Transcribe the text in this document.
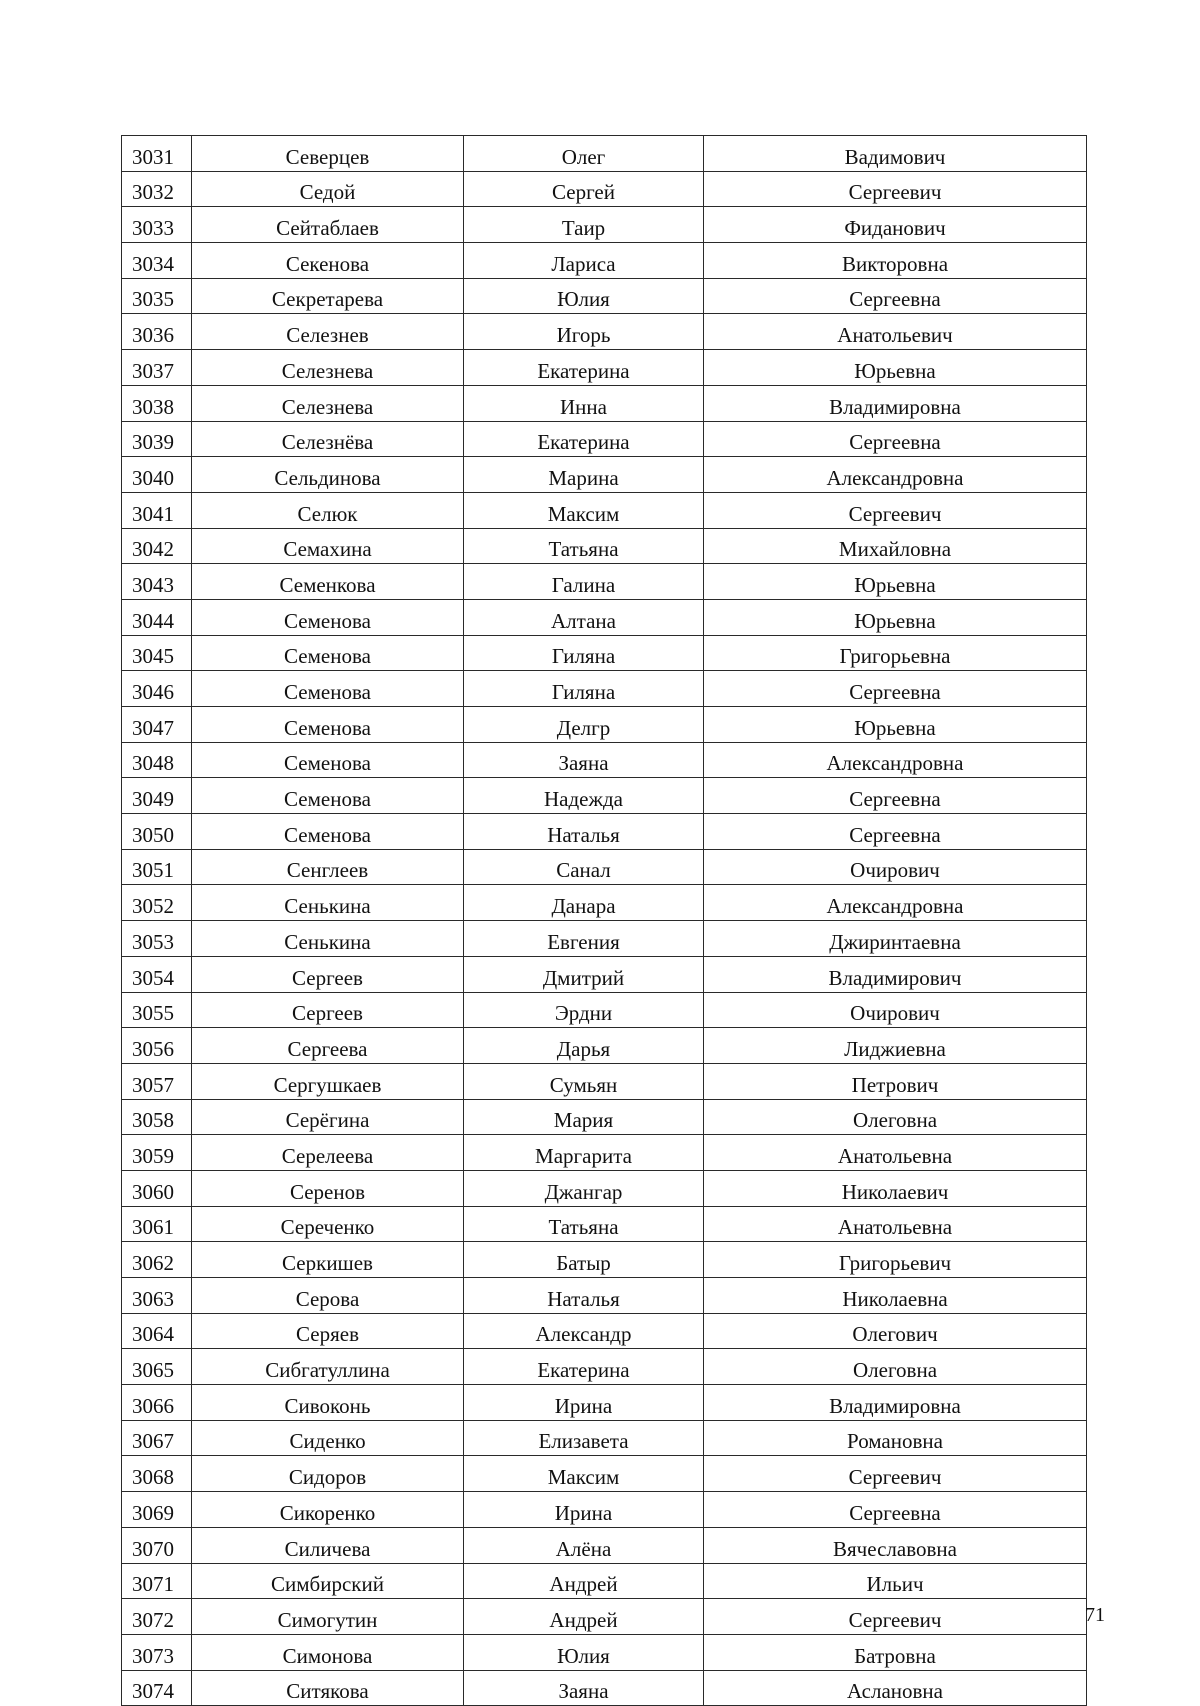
3031	Северцев	Олег	Вадимович
3032	Седой	Сергей	Сергеевич
3033	Сейтаблаев	Таир	Фиданович
3034	Секенова	Лариса	Викторовна
3035	Секретарева	Юлия	Сергеевна
3036	Селезнев	Игорь	Анатольевич
3037	Селезнева	Екатерина	Юрьевна
3038	Селезнева	Инна	Владимировна
3039	Селезнёва	Екатерина	Сергеевна
3040	Сельдинова	Марина	Александровна
3041	Селюк	Максим	Сергеевич
3042	Семахина	Татьяна	Михайловна
3043	Семенкова	Галина	Юрьевна
3044	Семенова	Алтана	Юрьевна
3045	Семенова	Гиляна	Григорьевна
3046	Семенова	Гиляна	Сергеевна
3047	Семенова	Делгр	Юрьевна
3048	Семенова	Заяна	Александровна
3049	Семенова	Надежда	Сергеевна
3050	Семенова	Наталья	Сергеевна
3051	Сенглеев	Санал	Очирович
3052	Сенькина	Данара	Александровна
3053	Сенькина	Евгения	Джиринтаевна
3054	Сергеев	Дмитрий	Владимирович
3055	Сергеев	Эрдни	Очирович
3056	Сергеева	Дарья	Лиджиевна
3057	Сергушкаев	Сумьян	Петрович
3058	Серёгина	Мария	Олеговна
3059	Серелеева	Маргарита	Анатольевна
3060	Серенов	Джангар	Николаевич
3061	Сереченко	Татьяна	Анатольевна
3062	Серкишев	Батыр	Григорьевич
3063	Серова	Наталья	Николаевна
3064	Серяев	Александр	Олегович
3065	Сибгатуллина	Екатерина	Олеговна
3066	Сивоконь	Ирина	Владимировна
3067	Сиденко	Елизавета	Романовна
3068	Сидоров	Максим	Сергеевич
3069	Сикоренко	Ирина	Сергеевна
3070	Силичева	Алёна	Вячеславовна
3071	Симбирский	Андрей	Ильич
3072	Симогутин	Андрей	Сергеевич
3073	Симонова	Юлия	Батровна
3074	Ситякова	Заяна	Аслановна
71
